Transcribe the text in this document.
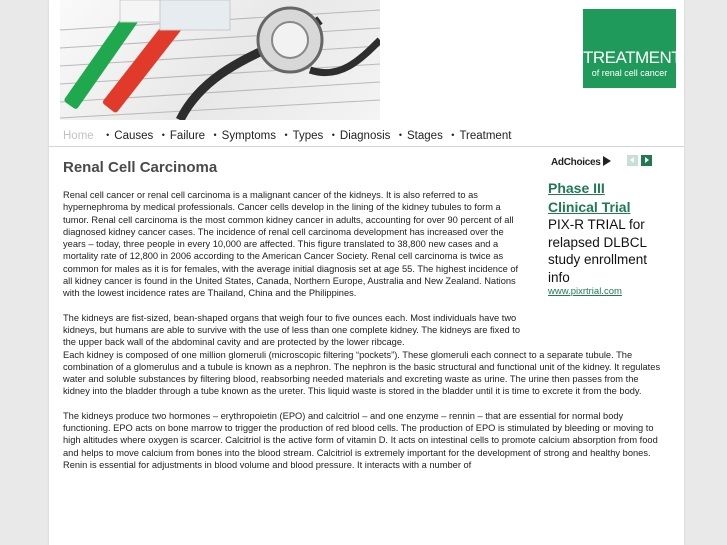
TREATMENT
of renal cell cancer
Home • Causes • Failure • Symptoms • Types • Diagnosis • Stages • Treatment
Renal Cell Carcinoma

Renal cell cancer or renal cell carcinoma is a malignant cancer of the kidneys. It is also referred to as hypernephroma by medical professionals. Cancer cells develop in the lining of the kidney tubules to form a tumor. Renal cell carcinoma is the most common kidney cancer in adults, accounting for over 90 percent of all diagnosed kidney cancer cases. The incidence of renal cell carcinoma development has increased over the years – today, three people in every 10,000 are affected. This figure translated to 38,800 new cases and a mortality rate of 12,800 in 2006 according to the American Cancer Society. Renal cell carcinoma is twice as common for males as it is for females, with the average initial diagnosis set at age 55. The highest incidence of all kidney cancer is found in the United States, Canada, Northern Europe, Australia and New Zealand. Nations with the lowest incidence rates are Thailand, China and the Philippines.

The kidneys are fist-sized, bean-shaped organs that weigh four to five ounces each. Most individuals have two kidneys, but humans are able to survive with the use of less than one complete kidney. The kidneys are fixed to the upper back wall of the abdominal cavity and are protected by the lower ribcage.

Each kidney is composed of one million glomeruli (microscopic filtering “pockets”). These glomeruli each connect to a separate tubule. The combination of a glomerulus and a tubule is known as a nephron. The nephron is the basic structural and functional unit of the kidney. It regulates water and soluble substances by filtering blood, reabsorbing needed materials and excreting waste as urine. The urine then passes from the kidney into the bladder through a tube known as the ureter. This liquid waste is stored in the bladder until it is time to excrete it from the body.

The kidneys produce two hormones – erythropoietin (EPO) and calcitriol – and one enzyme – rennin – that are essential for normal body functioning. EPO acts on bone marrow to trigger the production of red blood cells. The production of EPO is stimulated by bleeding or moving to high altitudes where oxygen is scarcer. Calcitriol is the active form of vitamin D. It acts on intestinal cells to promote calcium absorption from food and helps to move calcium from bones into the blood stream. Calcitriol is extremely important for the development of strong and healthy bones. Renin is essential for adjustments in blood volume and blood pressure. It interacts with a number of

AdChoices
Phase III Clinical Trial
PIX-R TRIAL for relapsed DLBCL study enrollment info
www.pixrtrial.com
